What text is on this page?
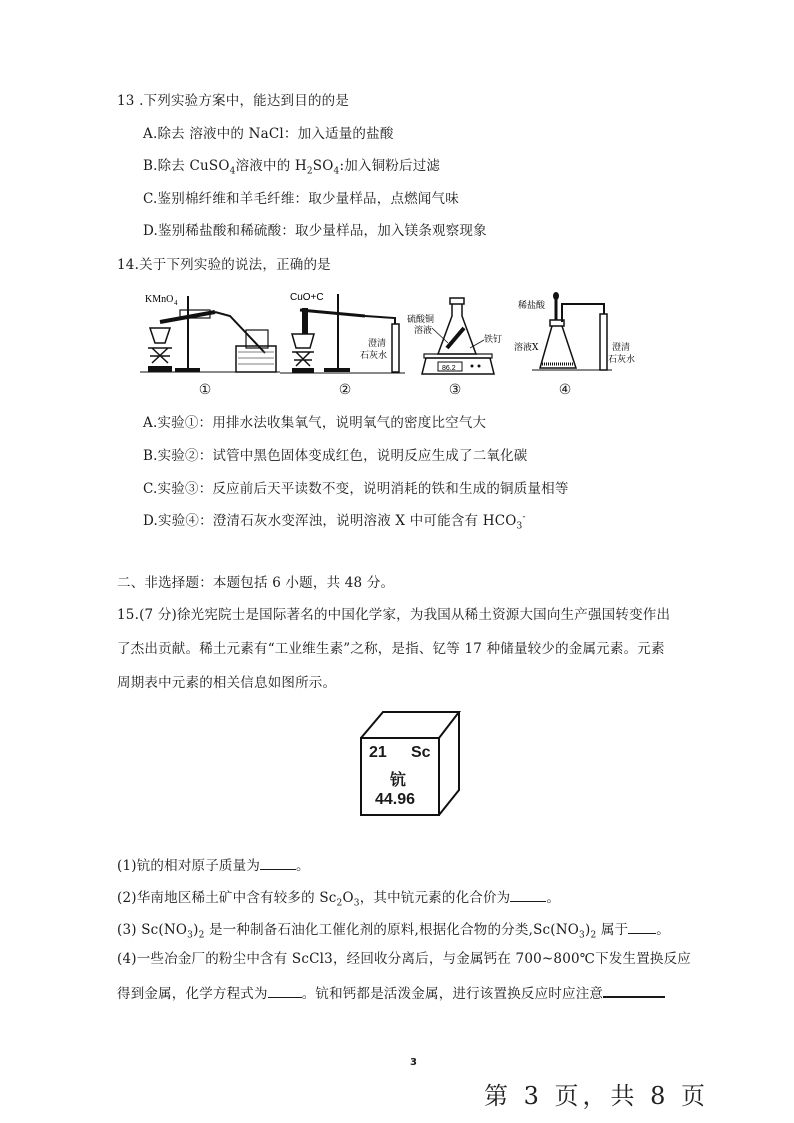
13 .下列实验方案中，能达到目的的是
A.除去 溶液中的 NaCl：加入适量的盐酸
B.除去 CuSO$_4$溶液中的 $H_2SO_4$:加入铜粉后过滤
C.鉴别棉纤维和羊毛纤维：取少量样品，点燃闻气味
D.鉴别稀盐酸和稀硫酸：取少量样品，加入镁条观察现象
14.关于下列实验的说法，正确的是
KMnO 4
①
CuO+C
澄清
石灰水
②
硫酸铜
溶液
铁钉
86.2
③
稀盐酸
溶液X	澄清
石灰水
④
A.实验①：用排水法收集氧气，说明氧气的密度比空气大
B.实验②：试管中黑色固体变成红色，说明反应生成了二氧化碳
C.实验③：反应前后天平读数不变，说明消耗的铁和生成的铜质量相等
D.实验④：澄清石灰水变浑浊，说明溶液 X 中可能含有 $HCO_3^-$
二、非选择题：本题包括 6 小题，共 48 分。
15.(7 分)徐光宪院士是国际著名的中国化学家，为我国从稀土资源大国向生产强国转变作出
了杰出贡献。稀土元素有“工业维生素”之称，是指、钇等 17 种储量较少的金属元素。元素
周期表中元素的相关信息如图所示。
21 Sc
钪
44.96
(1)钪的相对原子质量为	。
(2)华南地区稀土矿中含有较多的 $Sc_2O_3$，其中钪元素的化合价为	。
(3) $Sc(NO_3)_2$ 是一种制备石油化工催化剂的原料,根据化合物的分类$,Sc(NO_3)_2$ 属于 。
(4)一些冶金厂的粉尘中含有 ScCl3，经回收分离后，与金属钙在 700~800℃下发生置换反应
得到金属，化学方程式为	。钪和钙都是活泼金属，进行该置换反应时应注意
3
第 3 页，共 8 页
